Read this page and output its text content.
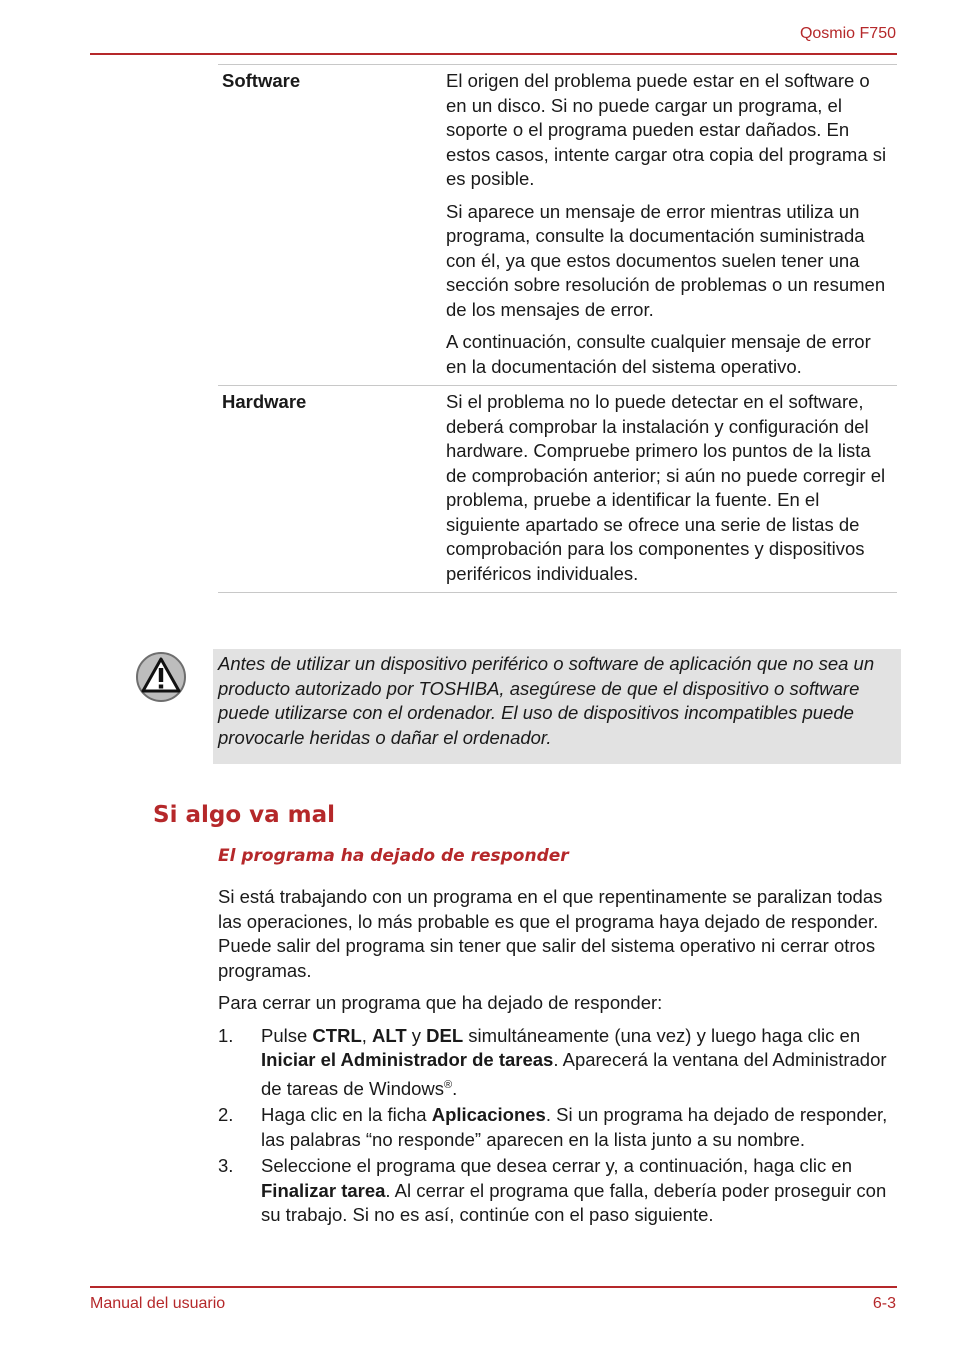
Qosmio F750
Software	El origen del problema puede estar en el software o en un disco. Si no puede cargar un programa, el soporte o el programa pueden estar dañados. En estos casos, intente cargar otra copia del programa si es posible.

Si aparece un mensaje de error mientras utiliza un programa, consulte la documentación suministrada con él, ya que estos documentos suelen tener una sección sobre resolución de problemas o un resumen de los mensajes de error.

A continuación, consulte cualquier mensaje de error en la documentación del sistema operativo.

Hardware	Si el problema no lo puede detectar en el software, deberá comprobar la instalación y configuración del hardware. Compruebe primero los puntos de la lista de comprobación anterior; si aún no puede corregir el problema, pruebe a identificar la fuente. En el siguiente apartado se ofrece una serie de listas de comprobación para los componentes y dispositivos periféricos individuales.

Antes de utilizar un dispositivo periférico o software de aplicación que no sea un producto autorizado por TOSHIBA, asegúrese de que el dispositivo o software puede utilizarse con el ordenador. El uso de dispositivos incompatibles puede provocarle heridas o dañar el ordenador.
Si algo va mal
El programa ha dejado de responder

Si está trabajando con un programa en el que repentinamente se paralizan todas las operaciones, lo más probable es que el programa haya dejado de responder. Puede salir del programa sin tener que salir del sistema operativo ni cerrar otros programas.

Para cerrar un programa que ha dejado de responder:

1.	Pulse CTRL, ALT y DEL simultáneamente (una vez) y luego haga clic en Iniciar el Administrador de tareas. Aparecerá la ventana del Administrador de tareas de Windows®.
2.	Haga clic en la ficha Aplicaciones. Si un programa ha dejado de responder, las palabras “no responde” aparecen en la lista junto a su nombre.
3.	Seleccione el programa que desea cerrar y, a continuación, haga clic en Finalizar tarea. Al cerrar el programa que falla, debería poder proseguir con su trabajo. Si no es así, continúe con el paso siguiente.
Manual del usuario	6-3
